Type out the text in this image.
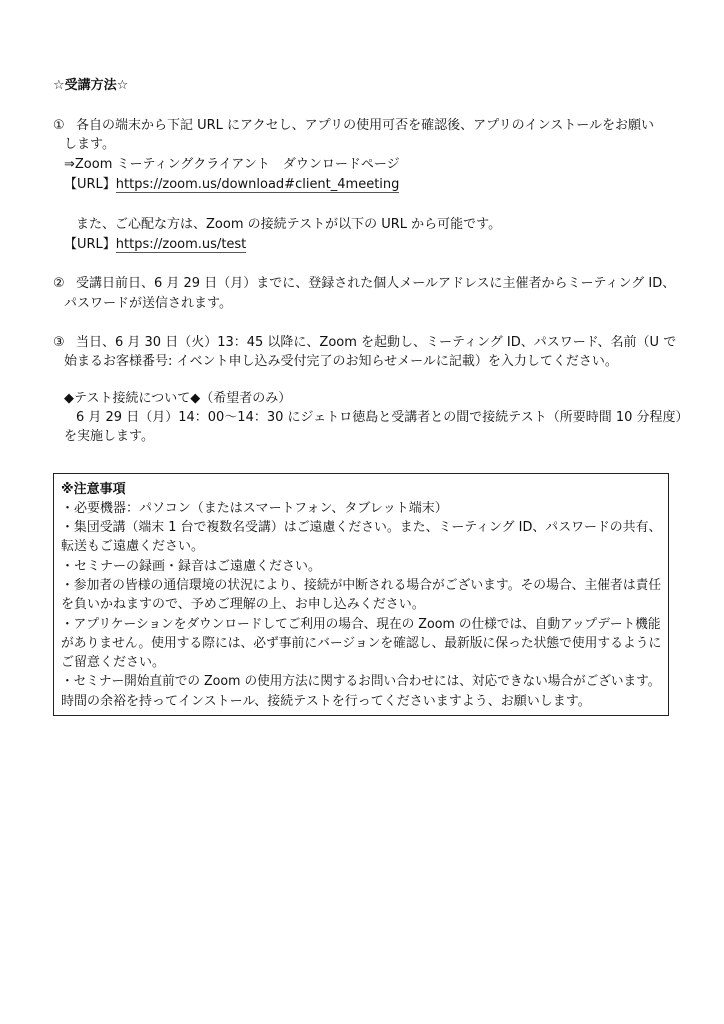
☆受講方法☆
① 各自の端末から下記 URL にアクセし、アプリの使用可否を確認後、アプリのインストールをお願い
します。
⇒Zoom ミーティングクライアント　ダウンロードページ
【URL】https://zoom.us/download#client_4meeting
また、ご心配な方は、Zoom の接続テストが以下の URL から可能です。
【URL】https://zoom.us/test
② 受講日前日、6 月 29 日（月）までに、登録された個人メールアドレスに主催者からミーティング ID、
パスワードが送信されます。
③ 当日、6 月 30 日（火）13：45 以降に、Zoom を起動し、ミーティング ID、パスワード、名前（U で
始まるお客様番号: イベント申し込み受付完了のお知らせメールに記載）を入力してください。
◆テスト接続について◆（希望者のみ）
6 月 29 日（月）14：00～14：30 にジェトロ徳島と受講者との間で接続テスト（所要時間 10 分程度）
を実施します。
※注意事項
・必要機器：パソコン（またはスマートフォン、タブレット端末）
・集団受講（端末 1 台で複数名受講）はご遠慮ください。また、ミーティング ID、パスワードの共有、
転送もご遠慮ください。
・セミナーの録画・録音はご遠慮ください。
・参加者の皆様の通信環境の状況により、接続が中断される場合がございます。その場合、主催者は責任
を負いかねますので、予めご理解の上、お申し込みください。
・アプリケーションをダウンロードしてご利用の場合、現在の Zoom の仕様では、自動アップデート機能
がありません。使用する際には、必ず事前にバージョンを確認し、最新版に保った状態で使用するように
ご留意ください。
・セミナー開始直前での Zoom の使用方法に関するお問い合わせには、対応できない場合がございます。
時間の余裕を持ってインストール、接続テストを行ってくださいますよう、お願いします。
